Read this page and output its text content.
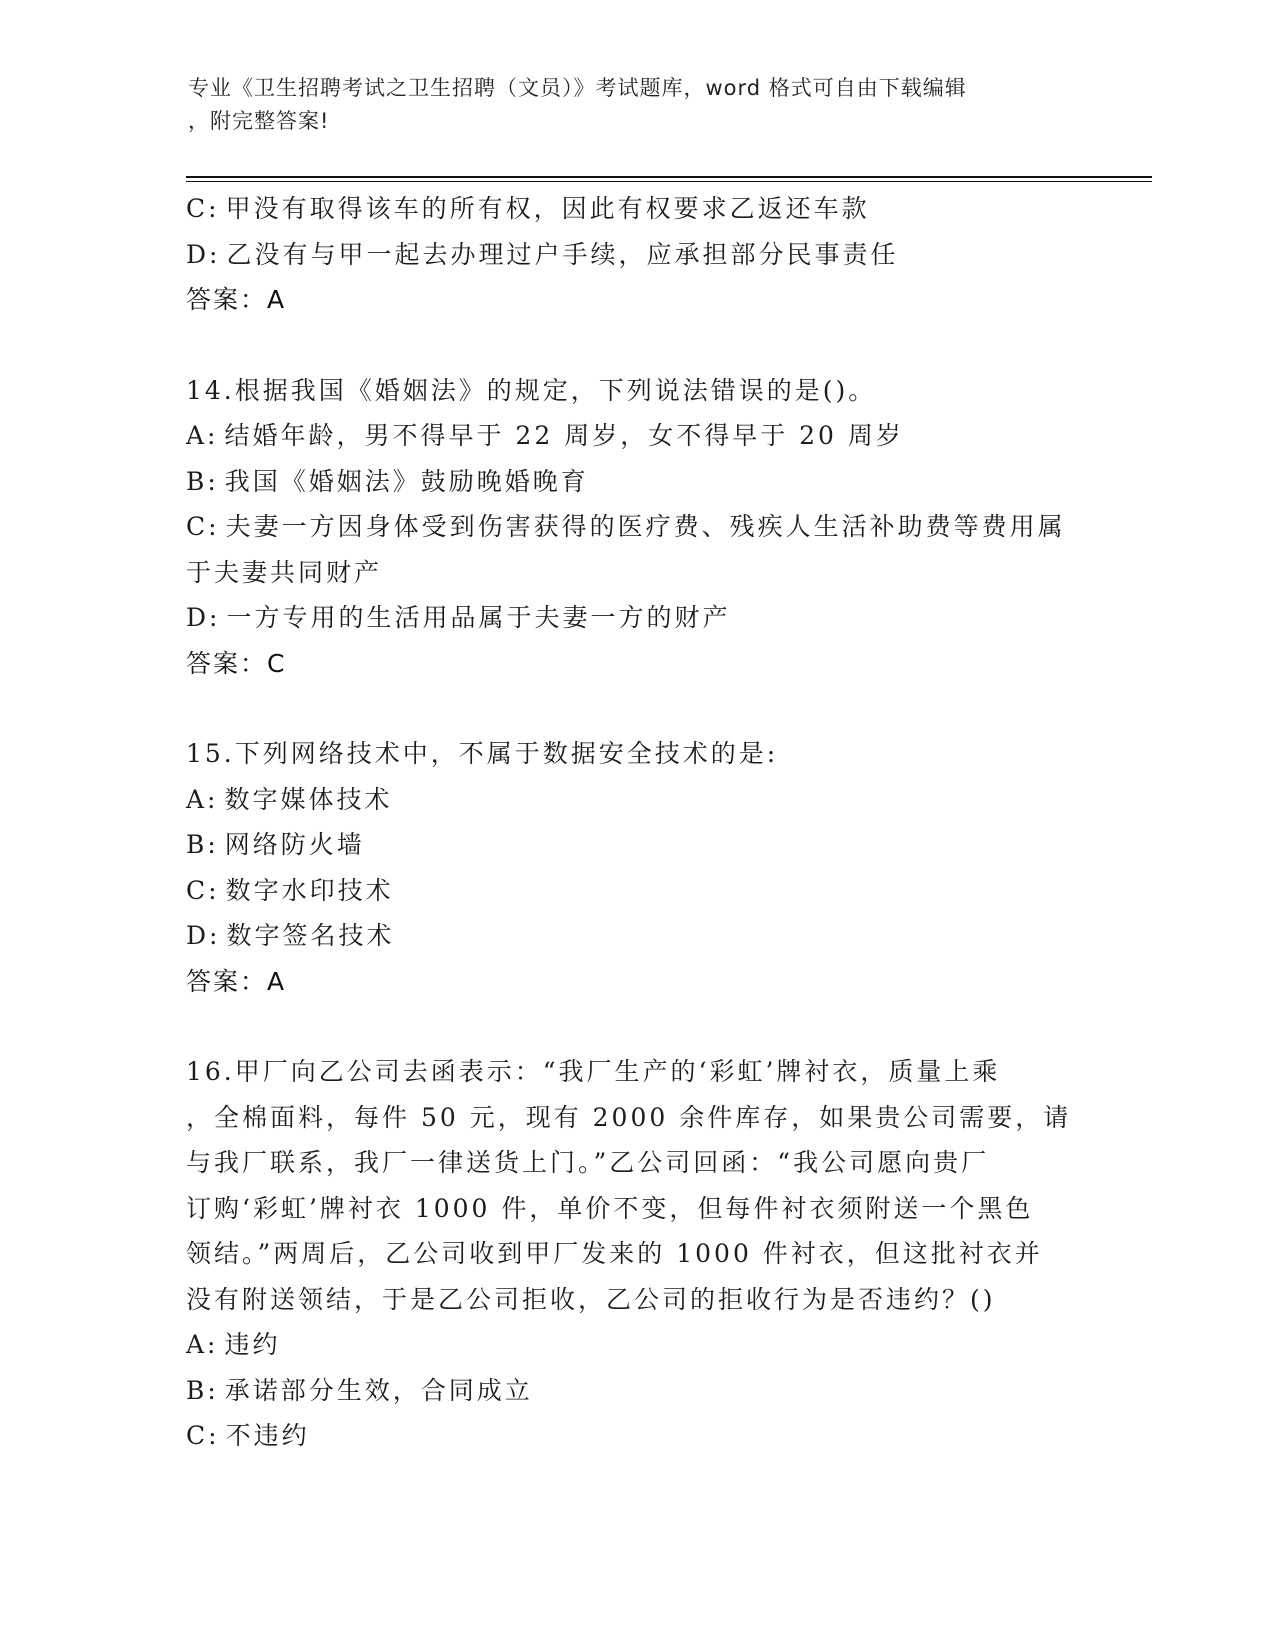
专业《卫生招聘考试之卫生招聘（文员）》考试题库，word 格式可自由下载编辑
，附完整答案!
C: 甲没有取得该车的所有权，因此有权要求乙返还车款
D: 乙没有与甲一起去办理过户手续，应承担部分民事责任
答案：A
14.根据我国《婚姻法》的规定，下列说法错误的是()。
A: 结婚年龄，男不得早于 22 周岁，女不得早于 20 周岁
B: 我国《婚姻法》鼓励晚婚晚育
C: 夫妻一方因身体受到伤害获得的医疗费、残疾人生活补助费等费用属于夫妻共同财产
D: 一方专用的生活用品属于夫妻一方的财产
答案：C
15.下列网络技术中，不属于数据安全技术的是:
A: 数字媒体技术
B: 网络防火墙
C: 数字水印技术
D: 数字签名技术
答案：A
16.甲厂向乙公司去函表示：“我厂生产的‘彩虹’牌衬衣，质量上乘
，全棉面料，每件 50 元，现有 2000 余件库存，如果贵公司需要，请
与我厂联系，我厂一律送货上门。”乙公司回函：“我公司愿向贵厂
订购‘彩虹’牌衬衣 1000 件，单价不变，但每件衬衣须附送一个黑色
领结。”两周后，乙公司收到甲厂发来的 1000 件衬衣，但这批衬衣并
没有附送领结，于是乙公司拒收，乙公司的拒收行为是否违约？()
A: 违约
B: 承诺部分生效，合同成立
C: 不违约
